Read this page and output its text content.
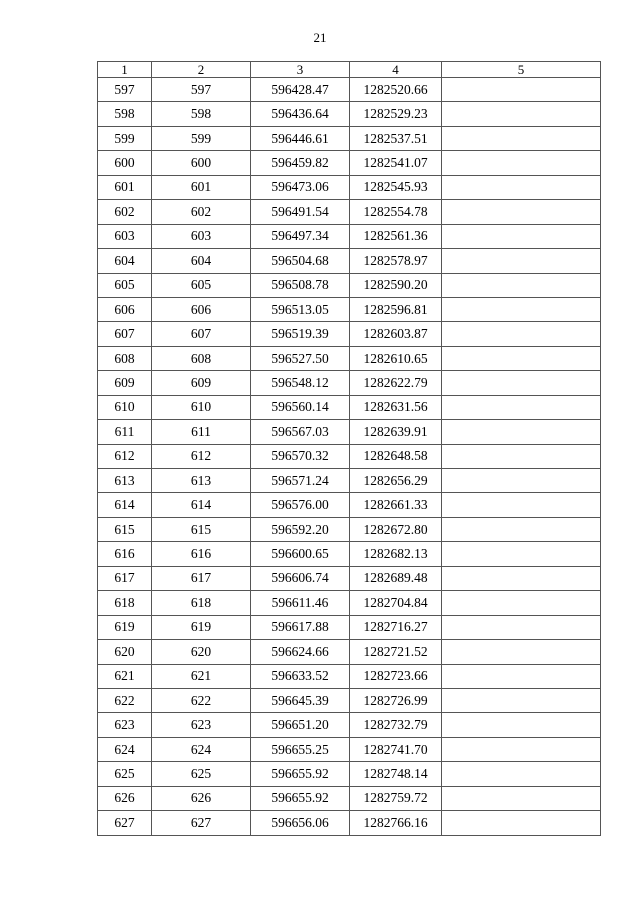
21
1	2	3	4	5
597	597	596428.47	1282520.66	
598	598	596436.64	1282529.23	
599	599	596446.61	1282537.51	
600	600	596459.82	1282541.07	
601	601	596473.06	1282545.93	
602	602	596491.54	1282554.78	
603	603	596497.34	1282561.36	
604	604	596504.68	1282578.97	
605	605	596508.78	1282590.20	
606	606	596513.05	1282596.81	
607	607	596519.39	1282603.87	
608	608	596527.50	1282610.65	
609	609	596548.12	1282622.79	
610	610	596560.14	1282631.56	
611	611	596567.03	1282639.91	
612	612	596570.32	1282648.58	
613	613	596571.24	1282656.29	
614	614	596576.00	1282661.33	
615	615	596592.20	1282672.80	
616	616	596600.65	1282682.13	
617	617	596606.74	1282689.48	
618	618	596611.46	1282704.84	
619	619	596617.88	1282716.27	
620	620	596624.66	1282721.52	
621	621	596633.52	1282723.66	
622	622	596645.39	1282726.99	
623	623	596651.20	1282732.79	
624	624	596655.25	1282741.70	
625	625	596655.92	1282748.14	
626	626	596655.92	1282759.72	
627	627	596656.06	1282766.16	
